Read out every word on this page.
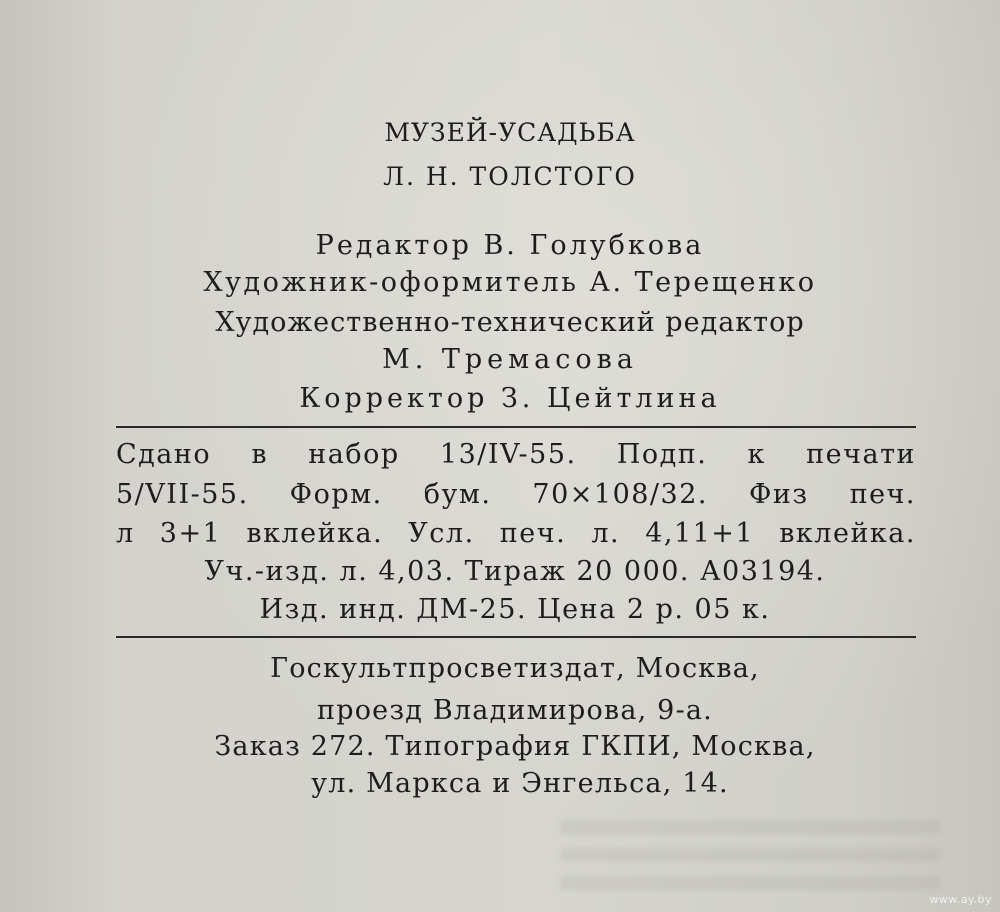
МУЗЕЙ-УСАДЬБА
Л. Н. ТОЛСТОГО
Редактор В. Голубкова
Художник-оформитель А. Терещенко
Художественно-технический редактор
М. Тремасова
Корректор З. Цейтлина
Сдано в набор 13/IV-55. Подп. к печати
5/VII-55. Форм. бум. 70×108/32. Физ печ.
л 3+1 вклейка. Усл. печ. л. 4,11+1 вклейка.
Уч.-изд. л. 4,03. Тираж 20 000. А03194.
Изд. инд. ДМ-25. Цена 2 р. 05 к.
Госкультпросветиздат, Москва,
проезд Владимирова, 9-а.
Заказ 272. Типография ГКПИ, Москва,
ул. Маркса и Энгельса, 14.
www.ay.by
